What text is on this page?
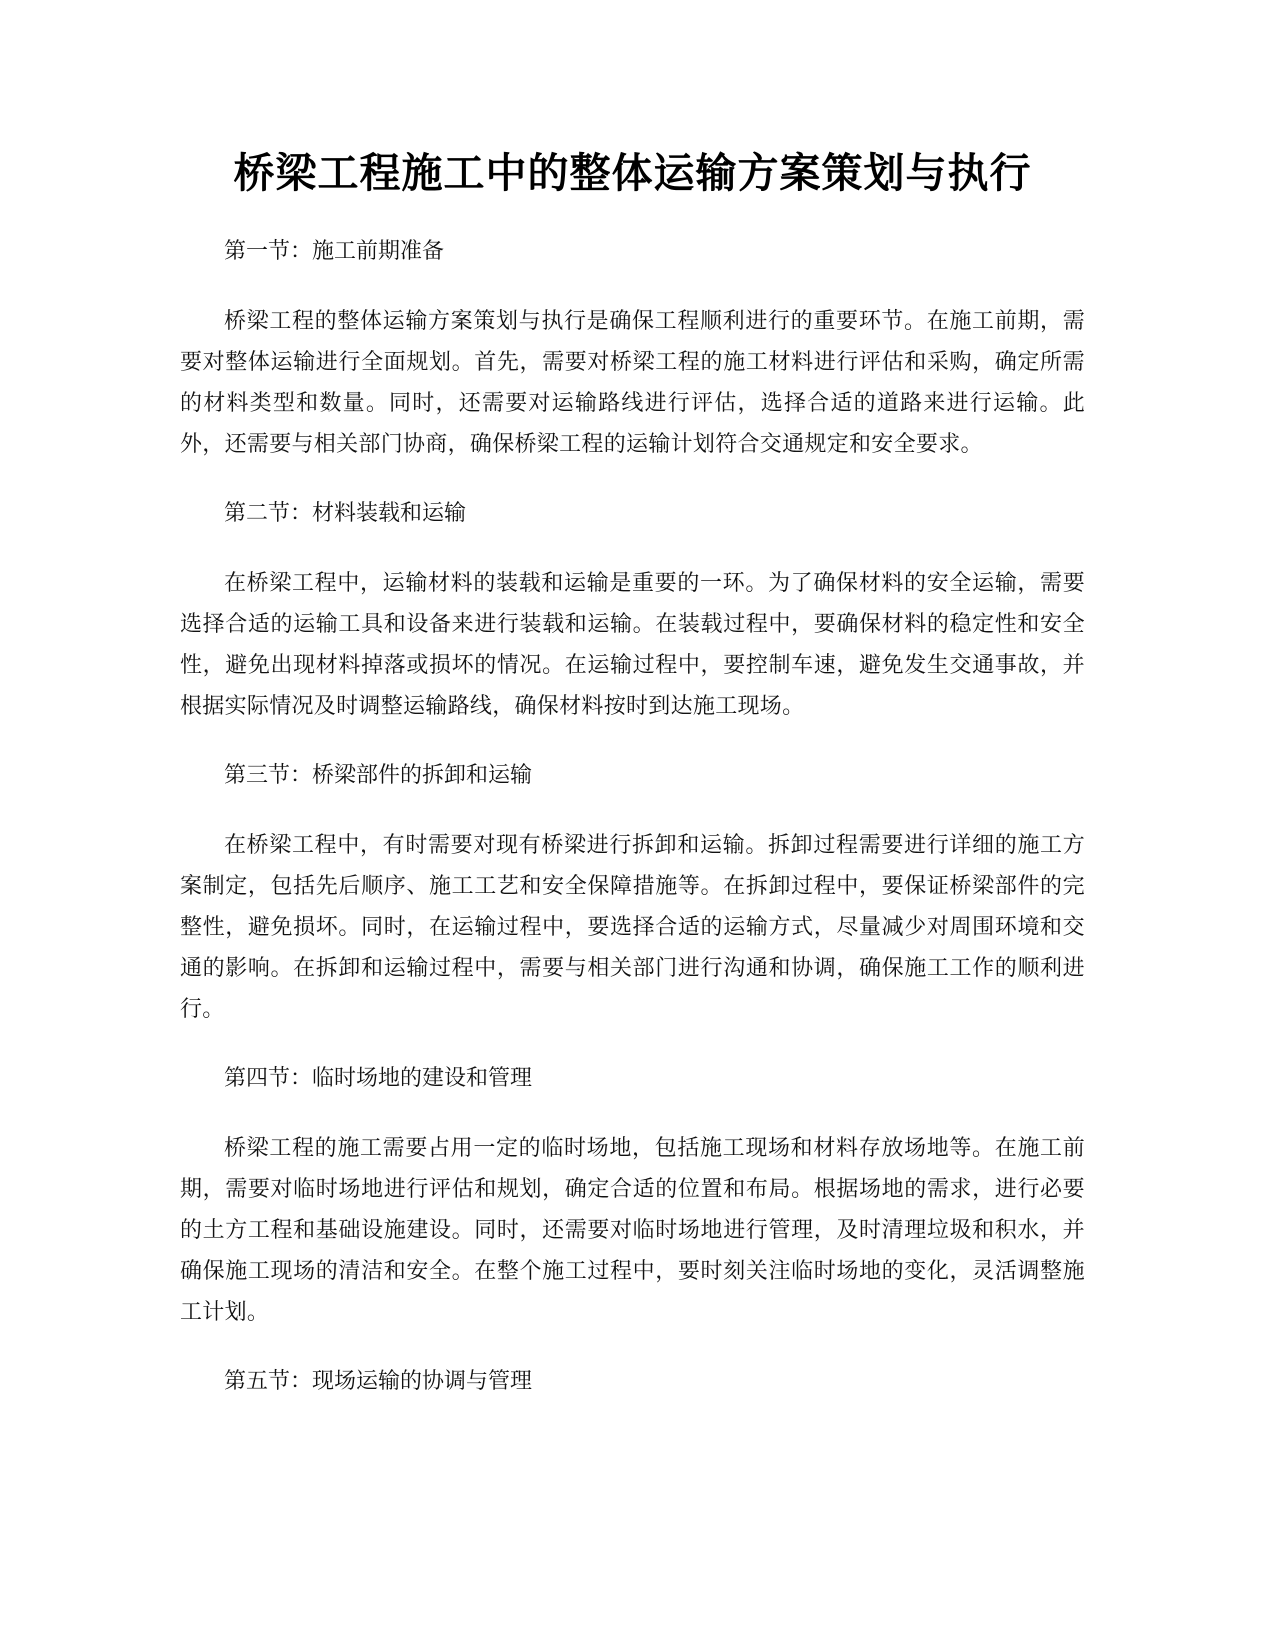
桥梁工程施工中的整体运输方案策划与执行

第一节：施工前期准备

桥梁工程的整体运输方案策划与执行是确保工程顺利进行的重要环节。在施工前期，需要对整体运输进行全面规划。首先，需要对桥梁工程的施工材料进行评估和采购，确定所需的材料类型和数量。同时，还需要对运输路线进行评估，选择合适的道路来进行运输。此外，还需要与相关部门协商，确保桥梁工程的运输计划符合交通规定和安全要求。

第二节：材料装载和运输

在桥梁工程中，运输材料的装载和运输是重要的一环。为了确保材料的安全运输，需要选择合适的运输工具和设备来进行装载和运输。在装载过程中，要确保材料的稳定性和安全性，避免出现材料掉落或损坏的情况。在运输过程中，要控制车速，避免发生交通事故，并根据实际情况及时调整运输路线，确保材料按时到达施工现场。

第三节：桥梁部件的拆卸和运输

在桥梁工程中，有时需要对现有桥梁进行拆卸和运输。拆卸过程需要进行详细的施工方案制定，包括先后顺序、施工工艺和安全保障措施等。在拆卸过程中，要保证桥梁部件的完整性，避免损坏。同时，在运输过程中，要选择合适的运输方式，尽量减少对周围环境和交通的影响。在拆卸和运输过程中，需要与相关部门进行沟通和协调，确保施工工作的顺利进行。

第四节：临时场地的建设和管理

桥梁工程的施工需要占用一定的临时场地，包括施工现场和材料存放场地等。在施工前期，需要对临时场地进行评估和规划，确定合适的位置和布局。根据场地的需求，进行必要的土方工程和基础设施建设。同时，还需要对临时场地进行管理，及时清理垃圾和积水，并确保施工现场的清洁和安全。在整个施工过程中，要时刻关注临时场地的变化，灵活调整施工计划。

第五节：现场运输的协调与管理
